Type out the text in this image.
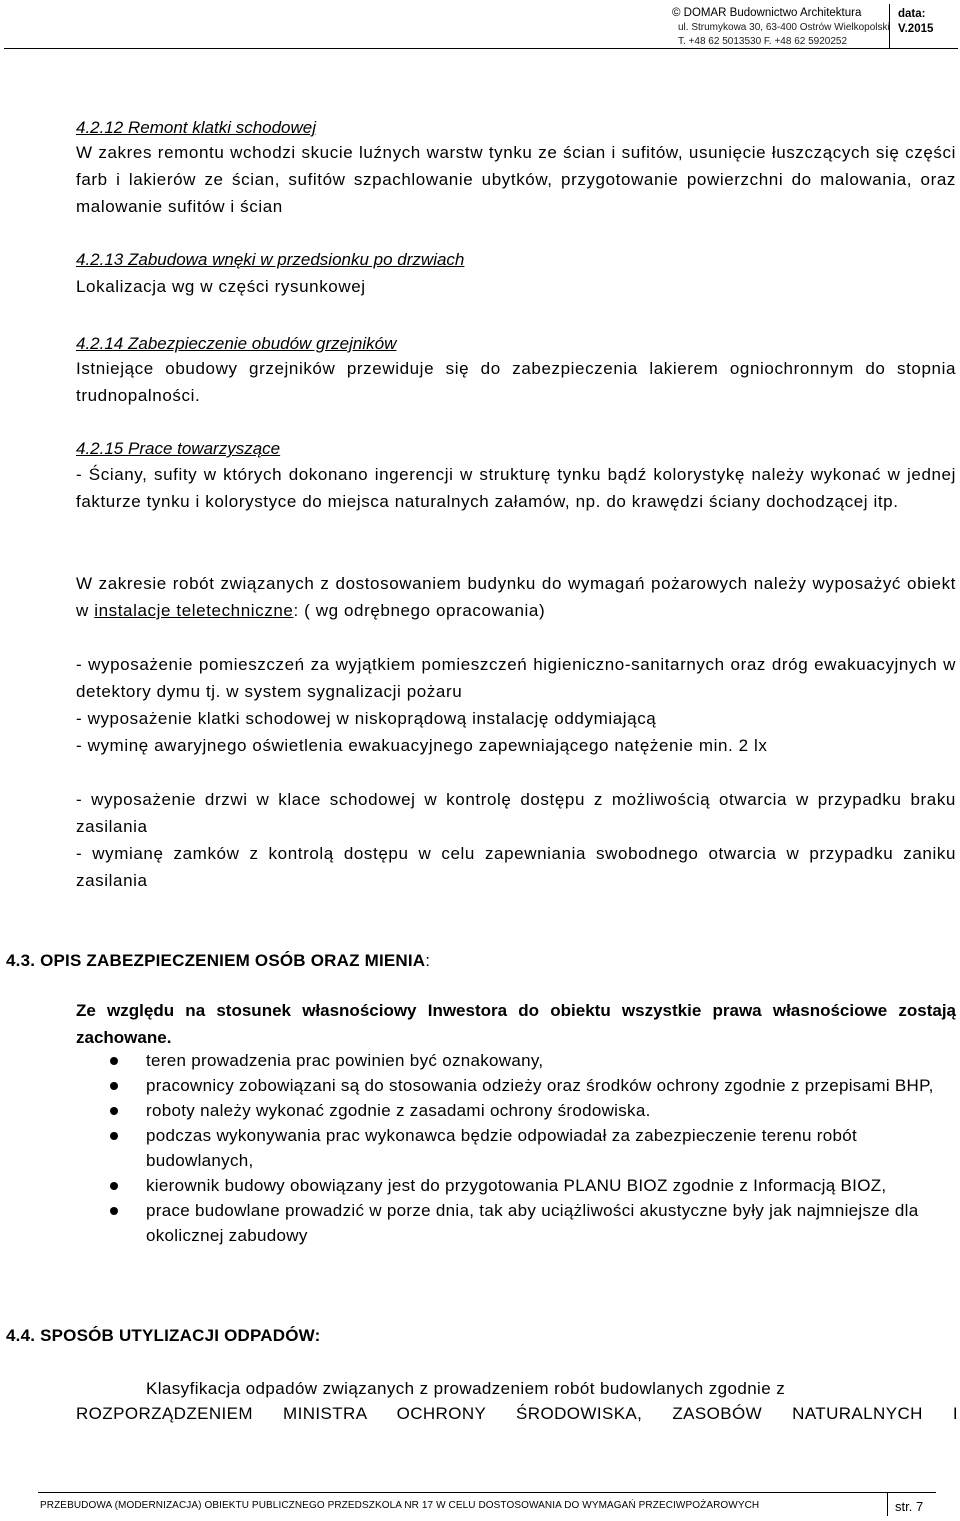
© DOMAR Budownictwo Architektura
ul. Strumykowa 30, 63-400 Ostrów Wielkopolski
T. +48 62 5013530 F. +48 62 5920252
data:
V.2015
4.2.12 Remont klatki schodowej
W zakres remontu wchodzi skucie luźnych warstw tynku ze ścian i sufitów, usunięcie łuszczących się części farb i lakierów ze ścian, sufitów szpachlowanie ubytków, przygotowanie powierzchni do malowania, oraz malowanie sufitów i ścian
4.2.13 Zabudowa wnęki w przedsionku po drzwiach
Lokalizacja wg w części rysunkowej
4.2.14 Zabezpieczenie obudów grzejników
Istniejące obudowy grzejników przewiduje się do zabezpieczenia lakierem ogniochronnym do stopnia trudnopalności.
4.2.15 Prace towarzyszące
- Ściany, sufity w których dokonano ingerencji w strukturę tynku bądź kolorystykę należy wykonać w jednej fakturze tynku i kolorystyce do miejsca naturalnych załamów, np. do krawędzi ściany dochodzącej itp.
W zakresie robót związanych z dostosowaniem budynku do wymagań pożarowych należy wyposażyć obiekt w instalacje teletechniczne: ( wg odrębnego opracowania)
- wyposażenie pomieszczeń za wyjątkiem pomieszczeń higieniczno-sanitarnych oraz dróg ewakuacyjnych w detektory dymu tj. w system sygnalizacji pożaru
- wyposażenie klatki schodowej w niskoprądową instalację oddymiającą
- wyminę awaryjnego oświetlenia ewakuacyjnego zapewniającego natężenie min. 2 lx
- wyposażenie drzwi w klace schodowej w kontrolę dostępu z możliwością otwarcia w przypadku braku zasilania
- wymianę zamków z kontrolą dostępu w celu zapewniania swobodnego otwarcia w przypadku zaniku zasilania
4.3. OPIS ZABEZPIECZENIEM OSÓB ORAZ MIENIA:
Ze względu na stosunek własnościowy Inwestora do obiektu wszystkie prawa własnościowe zostają zachowane.
teren prowadzenia prac powinien być oznakowany,
pracownicy zobowiązani są do stosowania odzieży oraz środków ochrony zgodnie z przepisami BHP,
roboty należy wykonać zgodnie z zasadami ochrony środowiska.
podczas wykonywania prac wykonawca będzie odpowiadał za zabezpieczenie terenu robót budowlanych,
kierownik budowy obowiązany jest do przygotowania PLANU BIOZ zgodnie z Informacją BIOZ,
prace budowlane prowadzić w porze dnia, tak aby uciążliwości akustyczne były jak najmniejsze dla okolicznej zabudowy
4.4. SPOSÓB UTYLIZACJI ODPADÓW:
Klasyfikacja odpadów związanych z prowadzeniem robót budowlanych zgodnie z
ROZPORZĄDZENIEM MINISTRA OCHRONY ŚRODOWISKA, ZASOBÓW NATURALNYCH I
PRZEBUDOWA (MODERNIZACJA) OBIEKTU PUBLICZNEGO PRZEDSZKOLA NR 17 W CELU DOSTOSOWANIA DO WYMAGAŃ PRZECIWPOŻAROWYCH	str. 7
